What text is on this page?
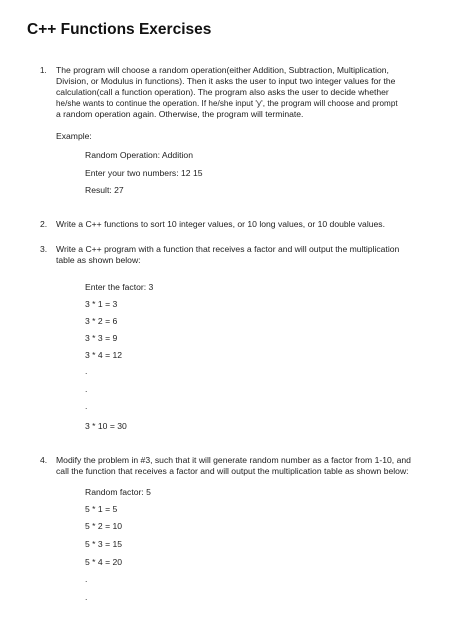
C++ Functions Exercises
1. The program will choose a random operation(either Addition, Subtraction, Multiplication,
Division, or Modulus in functions). Then it asks the user to input two integer values for the
calculation(call a function operation). The program also asks the user to decide whether
he/she wants to continue the operation. If he/she input 'y', the program will choose and prompt
a random operation again. Otherwise, the program will terminate.
Example:
Random Operation: Addition
Enter your two numbers: 12 15
Result: 27
2. Write a C++ functions to sort 10 integer values, or 10 long values, or 10 double values.
3. Write a C++ program with a function that receives a factor and will output the multiplication
table as shown below:
Enter the factor: 3
3 * 1 = 3
3 * 2 = 6
3 * 3 = 9
3 * 4 = 12
.
.
.
3 * 10 = 30
4. Modify the problem in #3, such that it will generate random number as a factor from 1-10, and
call the function that receives a factor and will output the multiplication table as shown below:
Random factor: 5
5 * 1 = 5
5 * 2 = 10
5 * 3 = 15
5 * 4 = 20
.
.
